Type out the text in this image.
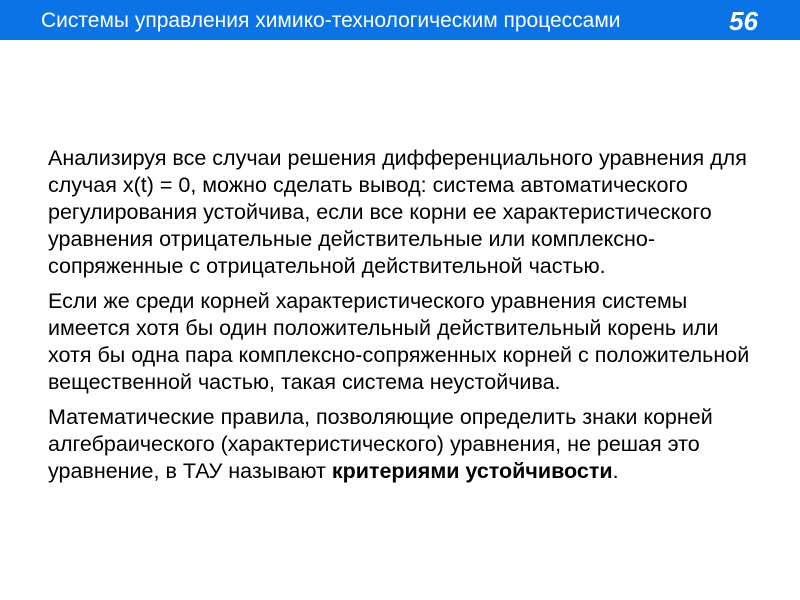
Системы управления химико-технологическим процессами	56

Анализируя все случаи решения дифференциального уравнения для случая x(t) = 0, можно сделать вывод: система автоматического регулирования устойчива, если все корни ее характеристического уравнения отрицательные действительные или комплексно-сопряженные с отрицательной действительной частью.

Если же среди корней характеристического уравнения системы имеется хотя бы один положительный действительный корень или хотя бы одна пара комплексно-сопряженных корней с положительной вещественной частью, такая система неустойчива.

Математические правила, позволяющие определить знаки корней алгебраического (характеристического) уравнения, не решая это уравнение, в ТАУ называют критериями устойчивости.
